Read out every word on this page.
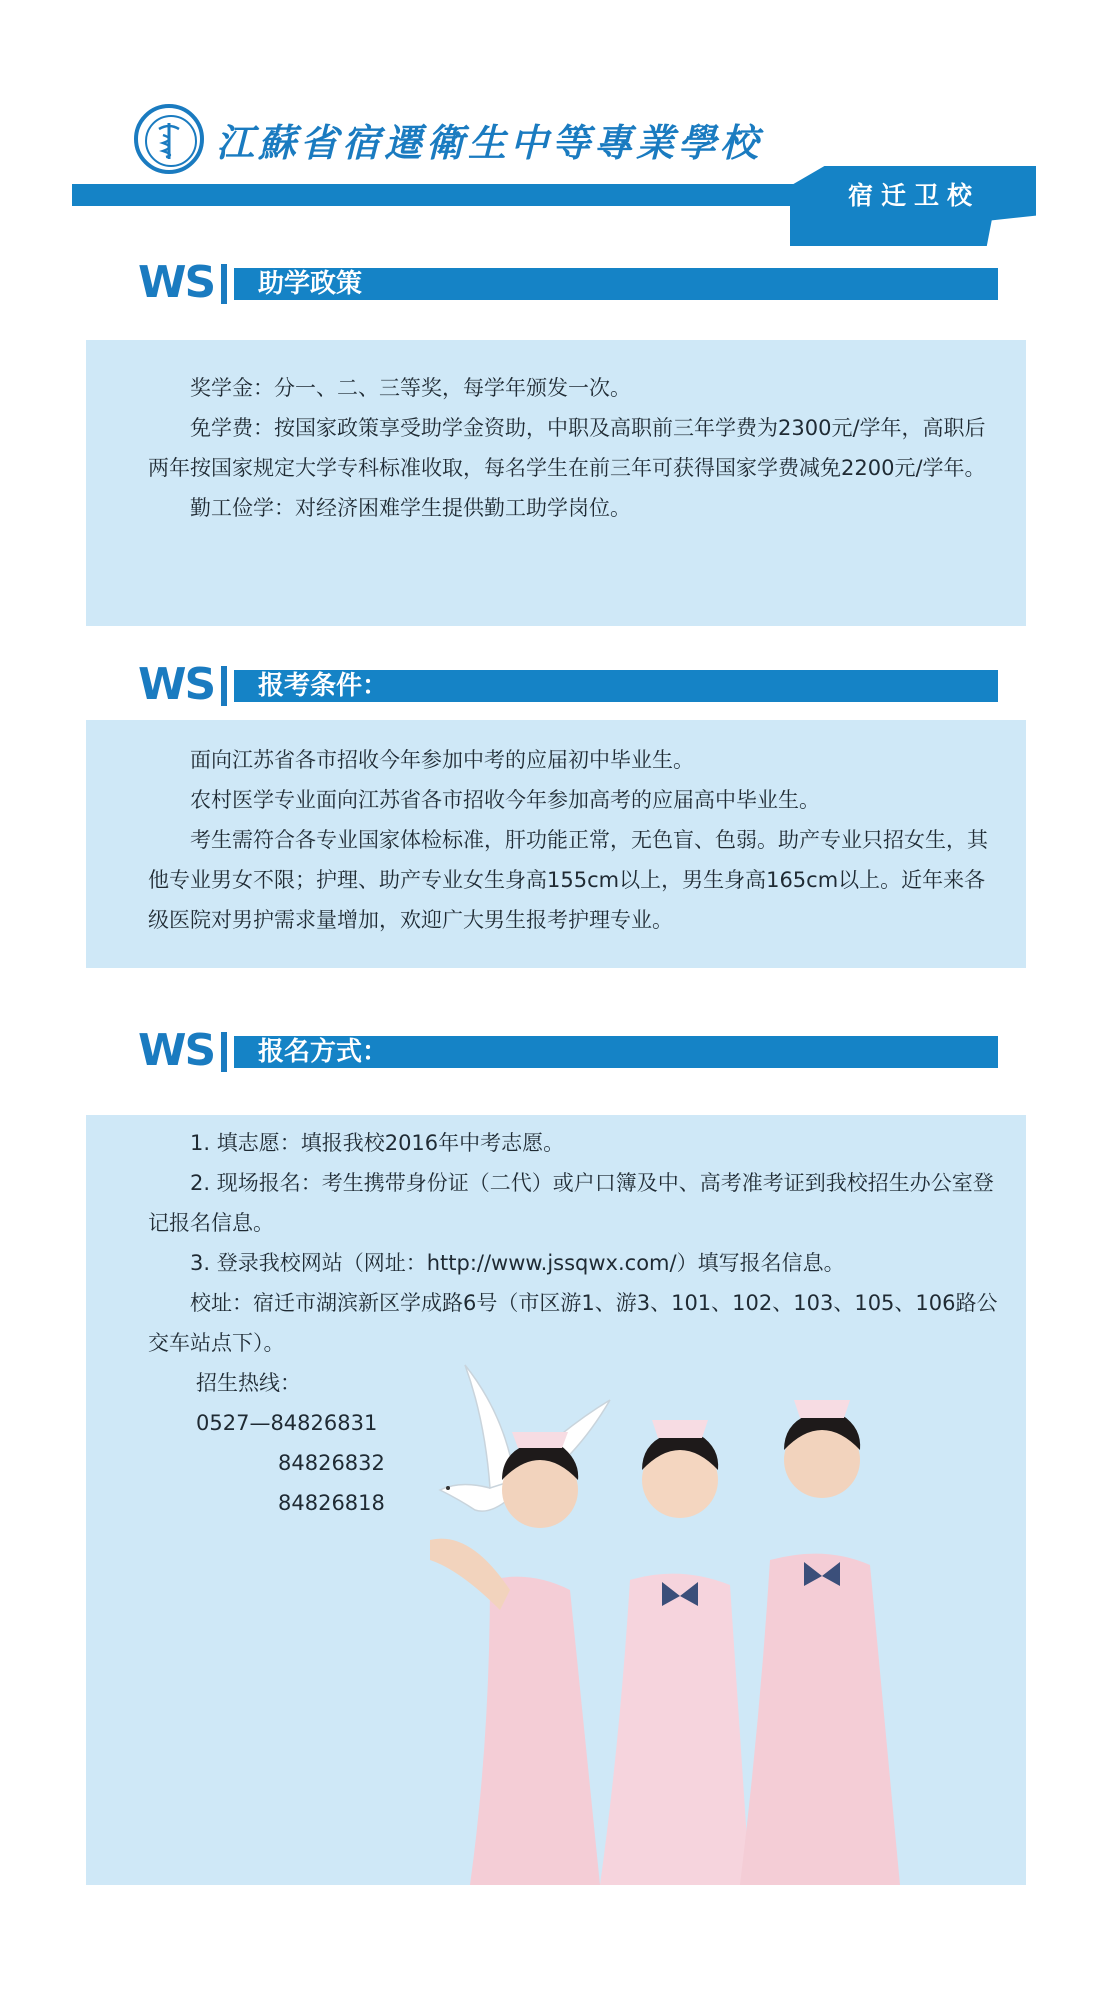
江蘇省宿遷衛生中等專業學校
宿迁卫校
WS 助学政策

奖学金：分一、二、三等奖，每学年颁发一次。

免学费：按国家政策享受助学金资助，中职及高职前三年学费为2300元/学年，高职后两年按国家规定大学专科标准收取，每名学生在前三年可获得国家学费减免2200元/学年。

勤工俭学：对经济困难学生提供勤工助学岗位。

WS 报考条件：

面向江苏省各市招收今年参加中考的应届初中毕业生。

农村医学专业面向江苏省各市招收今年参加高考的应届高中毕业生。

考生需符合各专业国家体检标准，肝功能正常，无色盲、色弱。助产专业只招女生，其他专业男女不限；护理、助产专业女生身高155cm以上，男生身高165cm以上。近年来各级医院对男护需求量增加，欢迎广大男生报考护理专业。

WS 报名方式：

1. 填志愿：填报我校2016年中考志愿。

2. 现场报名：考生携带身份证（二代）或户口簿及中、高考准考证到我校招生办公室登记报名信息。

3. 登录我校网站（网址：http://www.jssqwx.com/）填写报名信息。

校址：宿迁市湖滨新区学成路6号（市区游1、游3、101、102、103、105、106路公交车站点下）。

招生热线：

0527—84826831

84826832

84826818
